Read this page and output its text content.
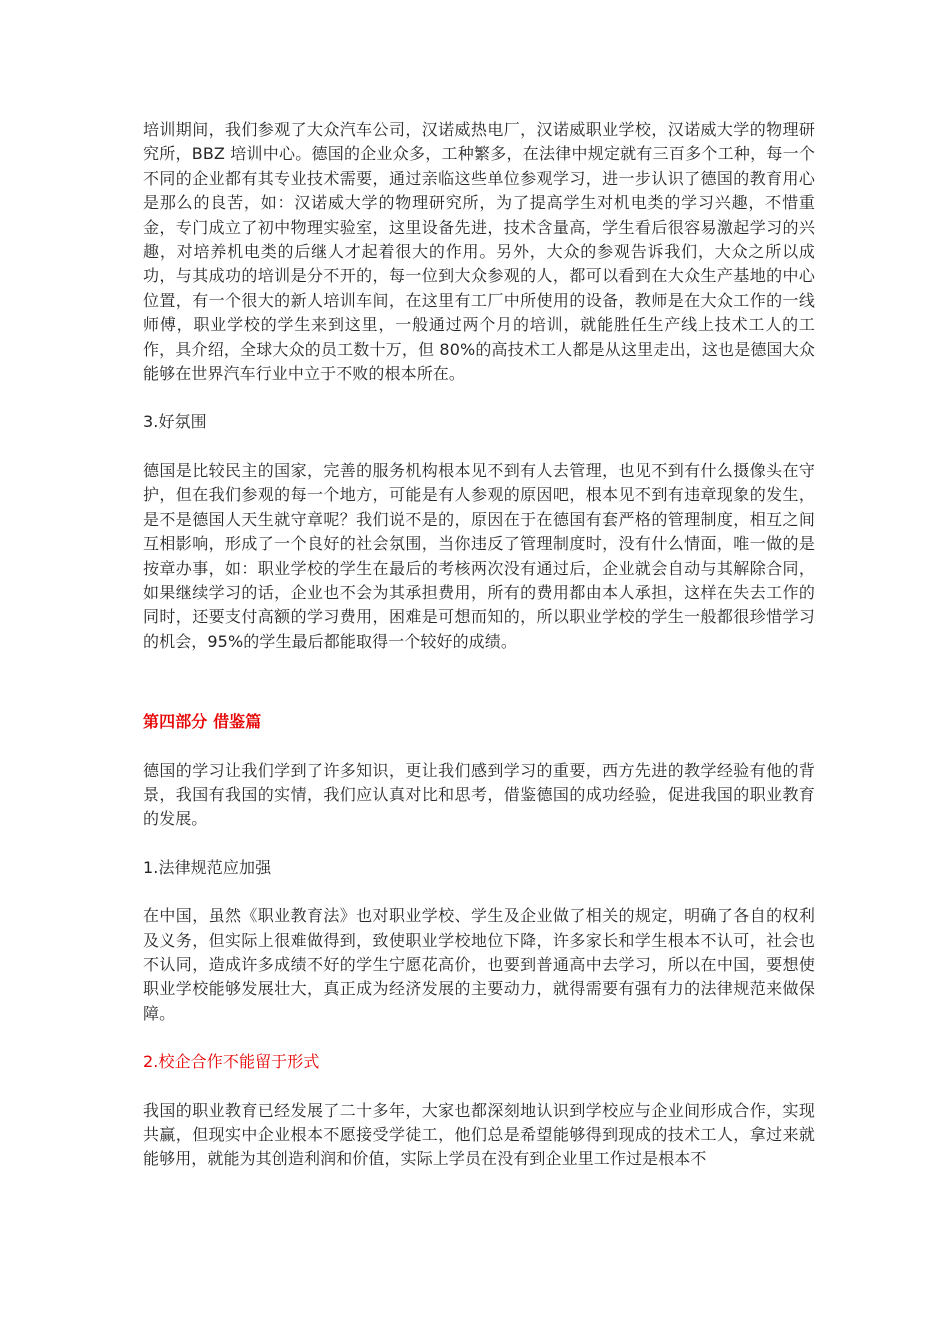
培训期间，我们参观了大众汽车公司，汉诺威热电厂，汉诺威职业学校，汉诺威大学的物理研究所，BBZ 培训中心。德国的企业众多，工种繁多，在法律中规定就有三百多个工种，每一个不同的企业都有其专业技术需要，通过亲临这些单位参观学习，进一步认识了德国的教育用心是那么的良苦，如：汉诺威大学的物理研究所，为了提高学生对机电类的学习兴趣，不惜重金，专门成立了初中物理实验室，这里设备先进，技术含量高，学生看后很容易激起学习的兴趣，对培养机电类的后继人才起着很大的作用。另外，大众的参观告诉我们，大众之所以成功，与其成功的培训是分不开的，每一位到大众参观的人，都可以看到在大众生产基地的中心位置，有一个很大的新人培训车间，在这里有工厂中所使用的设备，教师是在大众工作的一线师傅，职业学校的学生来到这里，一般通过两个月的培训，就能胜任生产线上技术工人的工作，具介绍，全球大众的员工数十万，但 80%的高技术工人都是从这里走出，这也是德国大众能够在世界汽车行业中立于不败的根本所在。

3.好氛围

德国是比较民主的国家，完善的服务机构根本见不到有人去管理，也见不到有什么摄像头在守护，但在我们参观的每一个地方，可能是有人参观的原因吧，根本见不到有违章现象的发生，是不是德国人天生就守章呢？我们说不是的，原因在于在德国有套严格的管理制度，相互之间互相影响，形成了一个良好的社会氛围，当你违反了管理制度时，没有什么情面，唯一做的是按章办事，如：职业学校的学生在最后的考核两次没有通过后，企业就会自动与其解除合同，如果继续学习的话，企业也不会为其承担费用，所有的费用都由本人承担，这样在失去工作的同时，还要支付高额的学习费用，困难是可想而知的，所以职业学校的学生一般都很珍惜学习的机会，95%的学生最后都能取得一个较好的成绩。

第四部分 借鉴篇

德国的学习让我们学到了许多知识，更让我们感到学习的重要，西方先进的教学经验有他的背景，我国有我国的实情，我们应认真对比和思考，借鉴德国的成功经验，促进我国的职业教育的发展。

1.法律规范应加强

在中国，虽然《职业教育法》也对职业学校、学生及企业做了相关的规定，明确了各自的权利及义务，但实际上很难做得到，致使职业学校地位下降，许多家长和学生根本不认可，社会也不认同，造成许多成绩不好的学生宁愿花高价，也要到普通高中去学习，所以在中国，要想使职业学校能够发展壮大，真正成为经济发展的主要动力，就得需要有强有力的法律规范来做保障。

2.校企合作不能留于形式

我国的职业教育已经发展了二十多年，大家也都深刻地认识到学校应与企业间形成合作，实现共赢，但现实中企业根本不愿接受学徒工，他们总是希望能够得到现成的技术工人，拿过来就能够用，就能为其创造利润和价值，实际上学员在没有到企业里工作过是根本不
